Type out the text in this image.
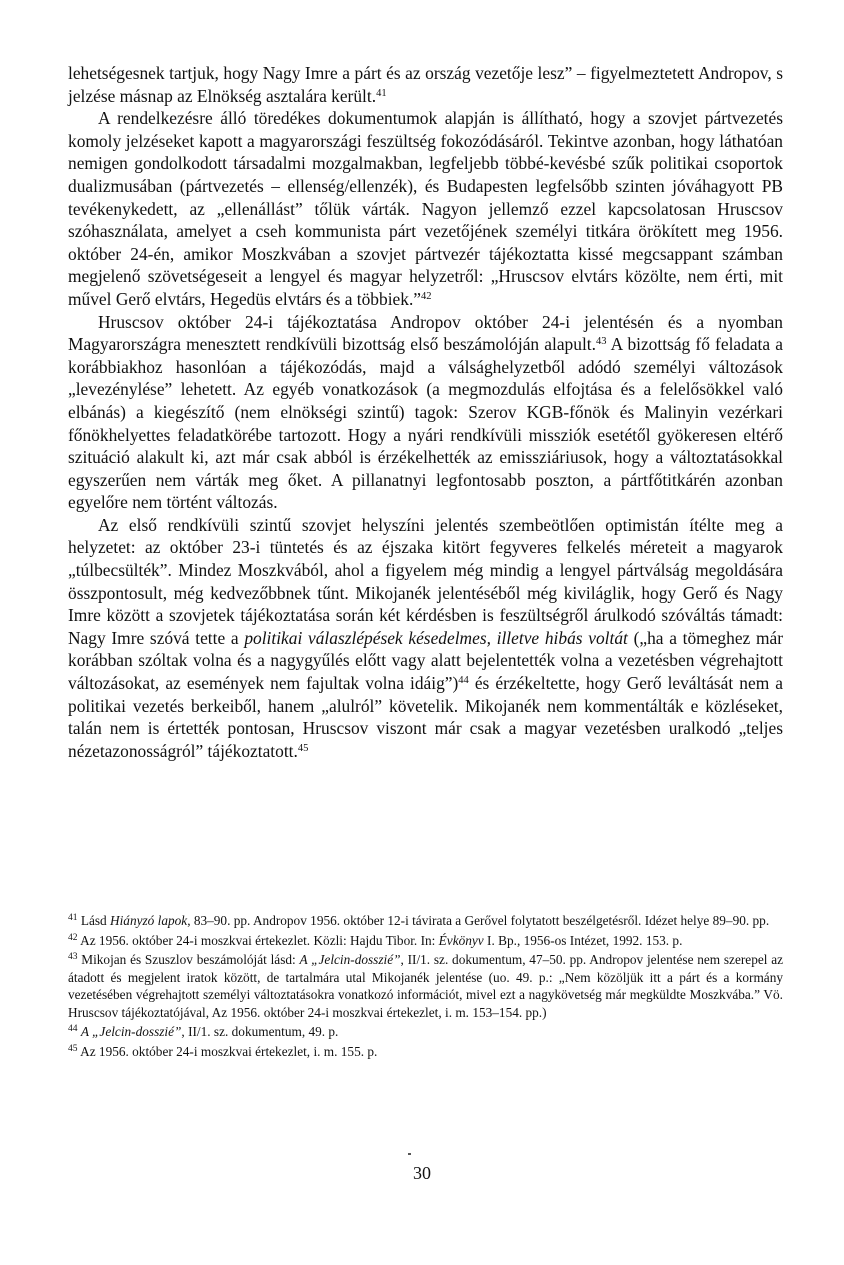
lehetségesnek tartjuk, hogy Nagy Imre a párt és az ország vezetője lesz” – figyelmeztetett Andropov, s jelzése másnap az Elnökség asztalára került.$^{41}$

A rendelkezésre álló töredékes dokumentumok alapján is állítható, hogy a szovjet pártvezetés komoly jelzéseket kapott a magyarországi feszültség fokozódásáról. Tekintve azonban, hogy láthatóan nemigen gondolkodott társadalmi mozgalmakban, legfeljebb többé-kevésbé szűk politikai csoportok dualizmusában (pártvezetés – ellenség/ellenzék), és Budapesten legfelsőbb szinten jóváhagyott PB tevékenykedett, az „ellenállást” tőlük várták. Nagyon jellemző ezzel kapcsolatosan Hruscsov szóhasználata, amelyet a cseh kommunista párt vezetőjének személyi titkára örökített meg 1956. október 24-én, amikor Moszkvában a szovjet pártvezér tájékoztatta kissé megcsappant számban megjelenő szövetségeseit a lengyel és magyar helyzetről: „Hruscsov elvtárs közölte, nem érti, mit művel Gerő elvtárs, Hegedüs elvtárs és a többiek.”$^{42}$

Hruscsov október 24-i tájékoztatása Andropov október 24-i jelentésén és a nyomban Magyarországra menesztett rendkívüli bizottság első beszámolóján alapult.$^{43}$ A bizottság fő feladata a korábbiakhoz hasonlóan a tájékozódás, majd a válsághelyzetből adódó személyi változások „levezénylése” lehetett. Az egyéb vonatkozások (a megmozdulás elfojtása és a felelősökkel való elbánás) a kiegészítő (nem elnökségi szintű) tagok: Szerov KGB-főnök és Malinyin vezérkari főnökhelyettes feladatkörébe tartozott. Hogy a nyári rendkívüli missziók esetétől gyökeresen eltérő szituáció alakult ki, azt már csak abból is érzékelhették az emissziáriusok, hogy a változtatásokkal egyszerűen nem várták meg őket. A pillanatnyi legfontosabb poszton, a pártfőtitkárén azonban egyelőre nem történt változás.

Az első rendkívüli szintű szovjet helyszíni jelentés szembeötlően optimistán ítélte meg a helyzetet: az október 23-i tüntetés és az éjszaka kitört fegyveres felkelés méreteit a magyarok „túlbecsülték”. Mindez Moszkvából, ahol a figyelem még mindig a lengyel pártválság megoldására összpontosult, még kedvezőbbnek tűnt. Mikojanék jelentéséből még kiviláglik, hogy Gerő és Nagy Imre között a szovjetek tájékoztatása során két kérdésben is feszültségről árulkodó szóváltás támadt: Nagy Imre szóvá tette a politikai válaszlépések késedelmes, illetve hibás voltát („ha a tömeghez már korábban szóltak volna és a nagygyűlés előtt vagy alatt bejelentették volna a vezetésben végrehajtott változásokat, az események nem fajultak volna idáig”)$^{44}$ és érzékeltette, hogy Gerő leváltását nem a politikai vezetés berkeiből, hanem „alulról” követelik. Mikojanék nem kommentálták e közléseket, talán nem is értették pontosan, Hruscsov viszont már csak a magyar vezetésben uralkodó „teljes nézetazonosságról” tájékoztatott.$^{45}$

$^{41}$ Lásd Hiányzó lapok, 83–90. pp. Andropov 1956. október 12-i távirata a Gerővel folytatott beszélgetésről. Idézet helye 89–90. pp.

$^{42}$ Az 1956. október 24-i moszkvai értekezlet. Közli: Hajdu Tibor. In: Évkönyv I. Bp., 1956-os Intézet, 1992. 153. p.

$^{43}$ Mikojan és Szuszlov beszámolóját lásd: A „Jelcin-dosszié”, II/1. sz. dokumentum, 47–50. pp. Andropov jelentése nem szerepel az átadott és megjelent iratok között, de tartalmára utal Mikojanék jelentése (uo. 49. p.: „Nem közöljük itt a párt és a kormány vezetésében végrehajtott személyi változtatásokra vonatkozó információt, mivel ezt a nagykövetség már megküldte Moszkvába.” Vö. Hruscsov tájékoztatójával, Az 1956. október 24-i moszkvai értekezlet, i. m. 153–154. pp.)

$^{44}$ A „Jelcin-dosszié”, II/1. sz. dokumentum, 49. p.

$^{45}$ Az 1956. október 24-i moszkvai értekezlet, i. m. 155. p.

30
